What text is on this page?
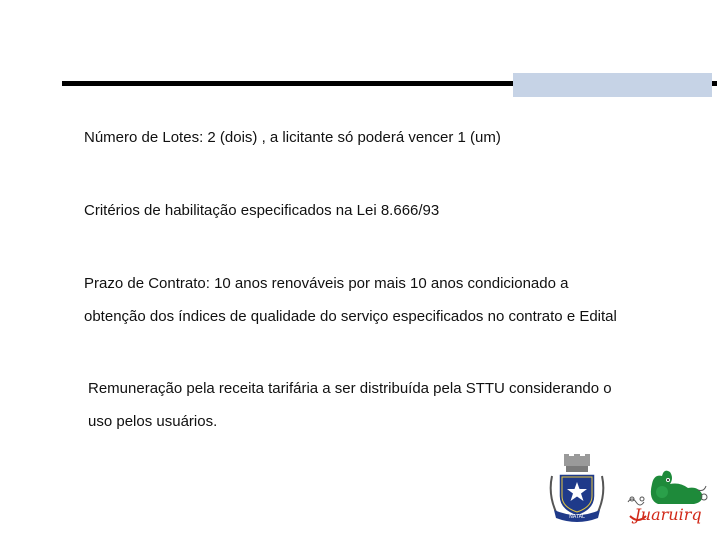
Número de Lotes: 2 (dois) , a licitante só poderá vencer 1 (um)
Critérios de habilitação especificados na Lei 8.666/93
Prazo de Contrato: 10 anos renováveis por mais 10 anos condicionado a
obtenção dos índices de qualidade do serviço especificados no contrato e Edital
Remuneração pela receita tarifária a ser distribuída pela STTU considerando o
uso pelos usuários.
NATAL	Juaruirq
